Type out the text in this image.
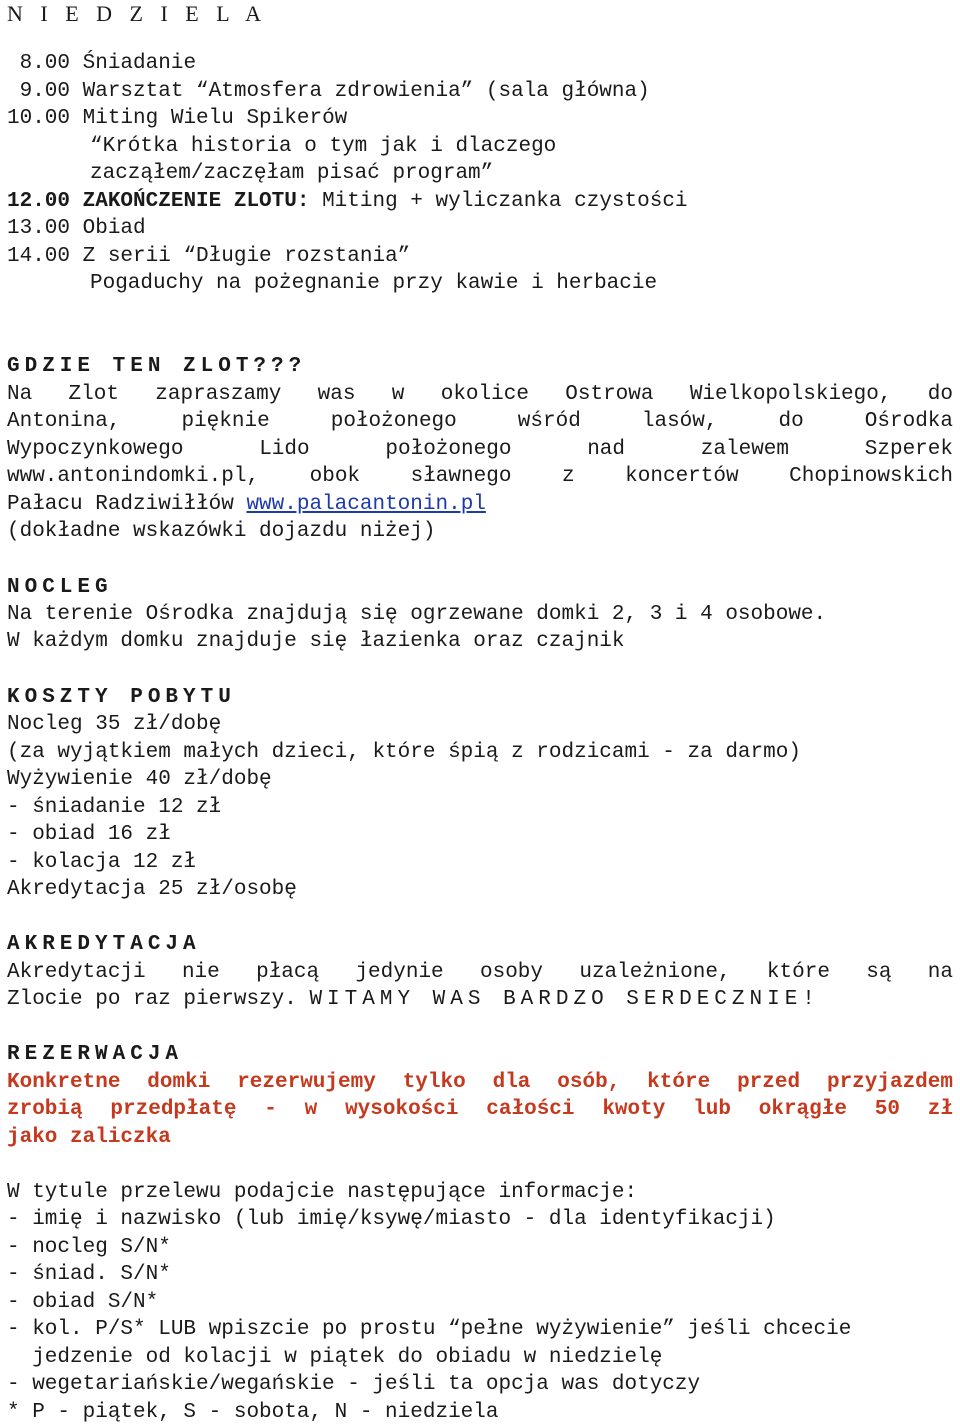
N I E D Z I E L A
8.00 Śniadanie
9.00 Warsztat “Atmosfera zdrowienia” (sala główna)
10.00 Miting Wielu Spikerów
“Krótka historia o tym jak i dlaczego
zacząłem/zaczęłam pisać program”
12.00 ZAKOŃCZENIE ZLOTU: Miting + wyliczanka czystości
13.00 Obiad
14.00 Z serii “Długie rozstania”
Pogaduchy na pożegnanie przy kawie i herbacie
GDZIE TEN ZLOT???
Na Zlot zapraszamy was w okolice Ostrowa Wielkopolskiego, do
Antonina, pięknie położonego wśród lasów, do Ośrodka
Wypoczynkowego Lido położonego nad zalewem Szperek
www.antonindomki.pl, obok sławnego z koncertów Chopinowskich
Pałacu Radziwiłłów www.palacantonin.pl
(dokładne wskazówki dojazdu niżej)
NOCLEG
Na terenie Ośrodka znajdują się ogrzewane domki 2, 3 i 4 osobowe.
W każdym domku znajduje się łazienka oraz czajnik
KOSZTY POBYTU
Nocleg 35 zł/dobę
(za wyjątkiem małych dzieci, które śpią z rodzicami - za darmo)
Wyżywienie 40 zł/dobę
- śniadanie 12 zł
- obiad 16 zł
- kolacja 12 zł
Akredytacja 25 zł/osobę
AKREDYTACJA
Akredytacji nie płacą jedynie osoby uzależnione, które są na
Zlocie po raz pierwszy. WITAMY WAS BARDZO SERDECZNIE!
REZERWACJA
Konkretne domki rezerwujemy tylko dla osób, które przed przyjazdem
zrobią przedpłatę - w wysokości całości kwoty lub okrągłe 50 zł
jako zaliczka
W tytule przelewu podajcie następujące informacje:
- imię i nazwisko (lub imię/ksywę/miasto - dla identyfikacji)
- nocleg S/N*
- śniad. S/N*
- obiad S/N*
- kol. P/S* LUB wpiszcie po prostu “pełne wyżywienie” jeśli chcecie
jedzenie od kolacji w piątek do obiadu w niedzielę
- wegetariańskie/wegańskie - jeśli ta opcja was dotyczy
* P - piątek, S - sobota, N - niedziela
